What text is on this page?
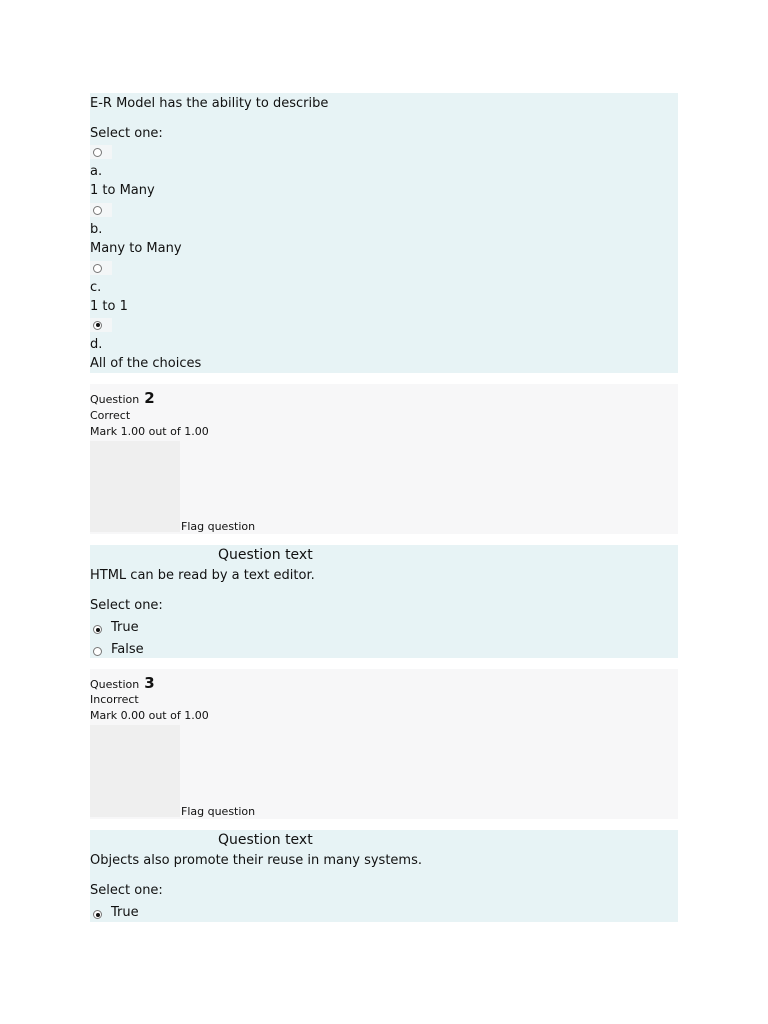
E-R Model has the ability to describe
Select one:
a.
1 to Many
b.
Many to Many
c.
1 to 1
d.
All of the choices
Question 2
Correct
Mark 1.00 out of 1.00
Flag question
Question text
HTML can be read by a text editor.
Select one:
True
False
Question 3
Incorrect
Mark 0.00 out of 1.00
Flag question
Question text
Objects also promote their reuse in many systems.
Select one:
True
